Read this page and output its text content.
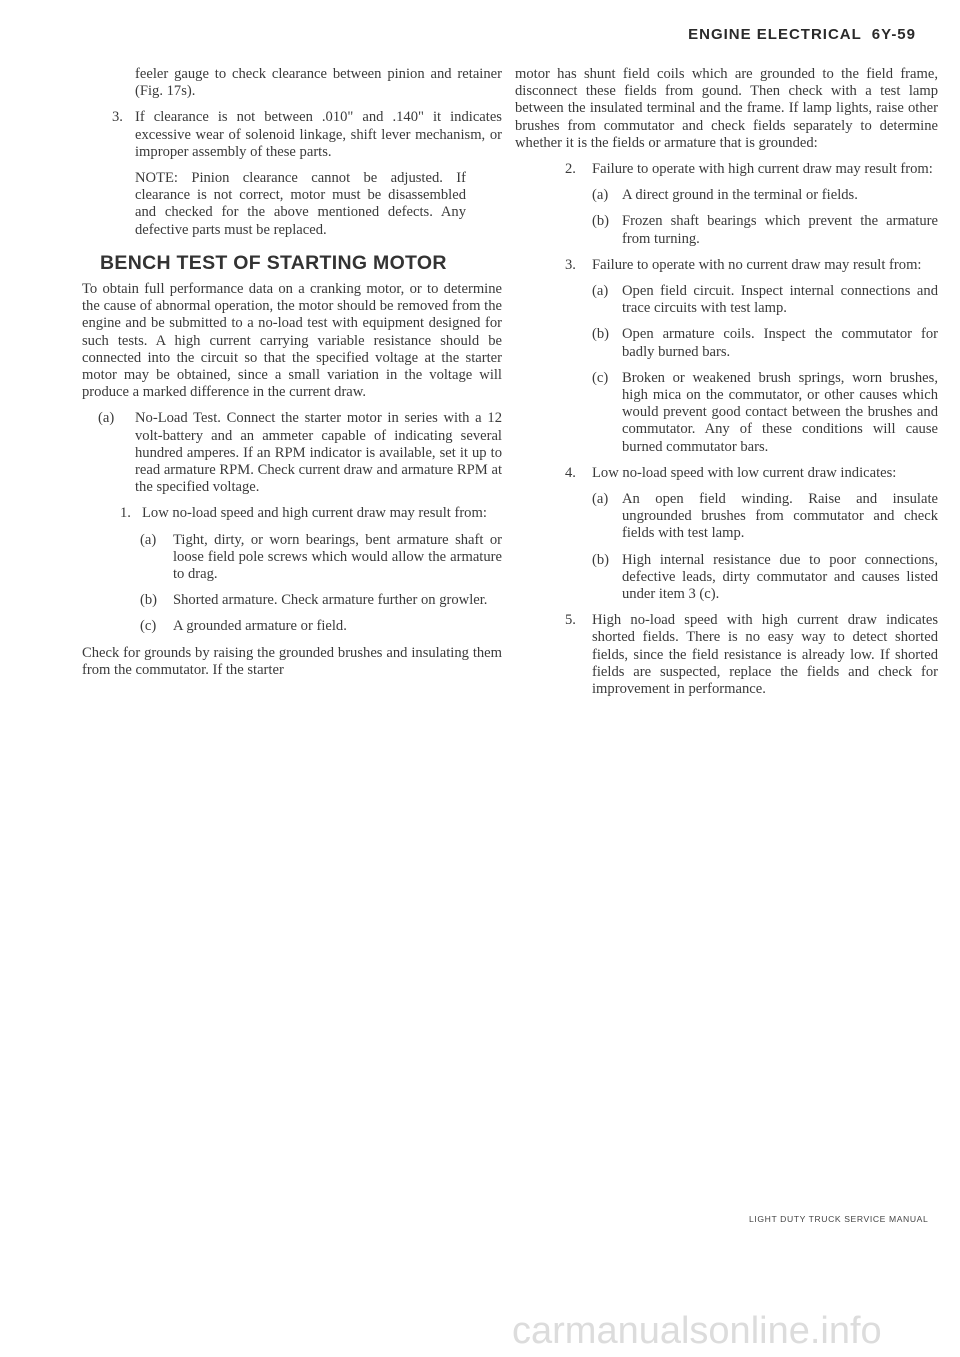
ENGINE ELECTRICAL 6Y-59

feeler gauge to check clearance between pinion and retainer (Fig. 17s).

3. If clearance is not between .010" and .140" it indicates excessive wear of solenoid linkage, shift lever mechanism, or improper assembly of these parts.

NOTE: Pinion clearance cannot be adjusted. If clearance is not correct, motor must be disassembled and checked for the above mentioned defects. Any defective parts must be replaced.

BENCH TEST OF STARTING MOTOR

To obtain full performance data on a cranking motor, or to determine the cause of abnormal operation, the motor should be removed from the engine and be submitted to a no-load test with equipment designed for such tests. A high current carrying variable resistance should be connected into the circuit so that the specified voltage at the starter motor may be obtained, since a small variation in the voltage will produce a marked difference in the current draw.

(a)	No-Load Test. Connect the starter motor in series with a 12 volt-battery and an ammeter capable of indicating several hundred amperes. If an RPM indicator is available, set it up to read armature RPM. Check current draw and armature RPM at the specified voltage.
1. Low no-load speed and high current draw may result from:
(a)	Tight, dirty, or worn bearings, bent armature shaft or loose field pole screws which would allow the armature to drag.
(b)	Shorted armature. Check armature further on growler.
(c)	A grounded armature or field.

Check for grounds by raising the grounded brushes and insulating them from the commutator. If the starter

motor has shunt field coils which are grounded to the field frame, disconnect these fields from gound. Then check with a test lamp between the insulated terminal and the frame. If lamp lights, raise other brushes from commutator and check fields separately to determine whether it is the fields or armature that is grounded:

2.	Failure to operate with high current draw may result from:
(a) A direct ground in the terminal or fields.
(b) Frozen shaft bearings which prevent the armature from turning.
3.	Failure to operate with no current draw may result from:
(a) Open field circuit. Inspect internal connections and trace circuits with test lamp.
(b) Open armature coils. Inspect the commutator for badly burned bars.
(c) Broken or weakened brush springs, worn brushes, high mica on the commutator, or other causes which would prevent good contact between the brushes and commutator. Any of these conditions will cause burned commutator bars.
4.	Low no-load speed with low current draw indicates:
(a) An open field winding. Raise and insulate ungrounded brushes from commutator and check fields with test lamp.
(b) High internal resistance due to poor connections, defective leads, dirty commutator and causes listed under item 3 (c).
5.	High no-load speed with high current draw indicates shorted fields. There is no easy way to detect shorted fields, since the field resistance is already low. If shorted fields are suspected, replace the fields and check for improvement in performance.
LIGHT DUTY TRUCK SERVICE MANUAL
carmanualsonline.info
